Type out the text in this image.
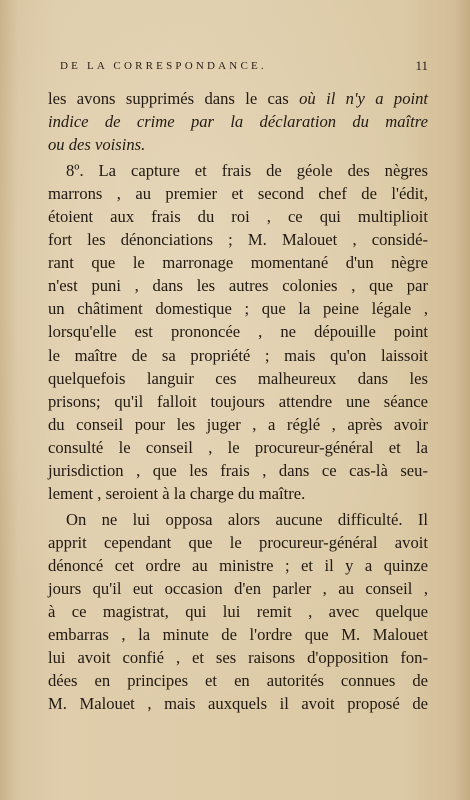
DE LA CORRESPONDANCE.	11
les avons supprimés dans le cas où il n'y a point
indice de crime par la déclaration du maître
ou des voisins.
8º. La capture et frais de géole des nègres
marrons , au premier et second chef de l'édit,
étoient aux frais du roi , ce qui multiplioit
fort les dénonciations ; M. Malouet , considé-
rant que le marronage momentané d'un nègre
n'est puni , dans les autres colonies , que par
un châtiment domestique ; que la peine légale ,
lorsqu'elle est prononcée , ne dépouille point
le maître de sa propriété ; mais qu'on laissoit
quelquefois languir ces malheureux dans les
prisons; qu'il falloit toujours attendre une séance
du conseil pour les juger , a réglé , après avoir
consulté le conseil , le procureur-général et la
jurisdiction , que les frais , dans ce cas-là seu-
lement , seroient à la charge du maître.
On ne lui opposa alors aucune difficulté. Il
apprit cependant que le procureur-général avoit
dénoncé cet ordre au ministre ; et il y a quinze
jours qu'il eut occasion d'en parler , au conseil ,
à ce magistrat, qui lui remit , avec quelque
embarras , la minute de l'ordre que M. Malouet
lui avoit confié , et ses raisons d'opposition fon-
dées en principes et en autorités connues de
M. Malouet , mais auxquels il avoit proposé de
